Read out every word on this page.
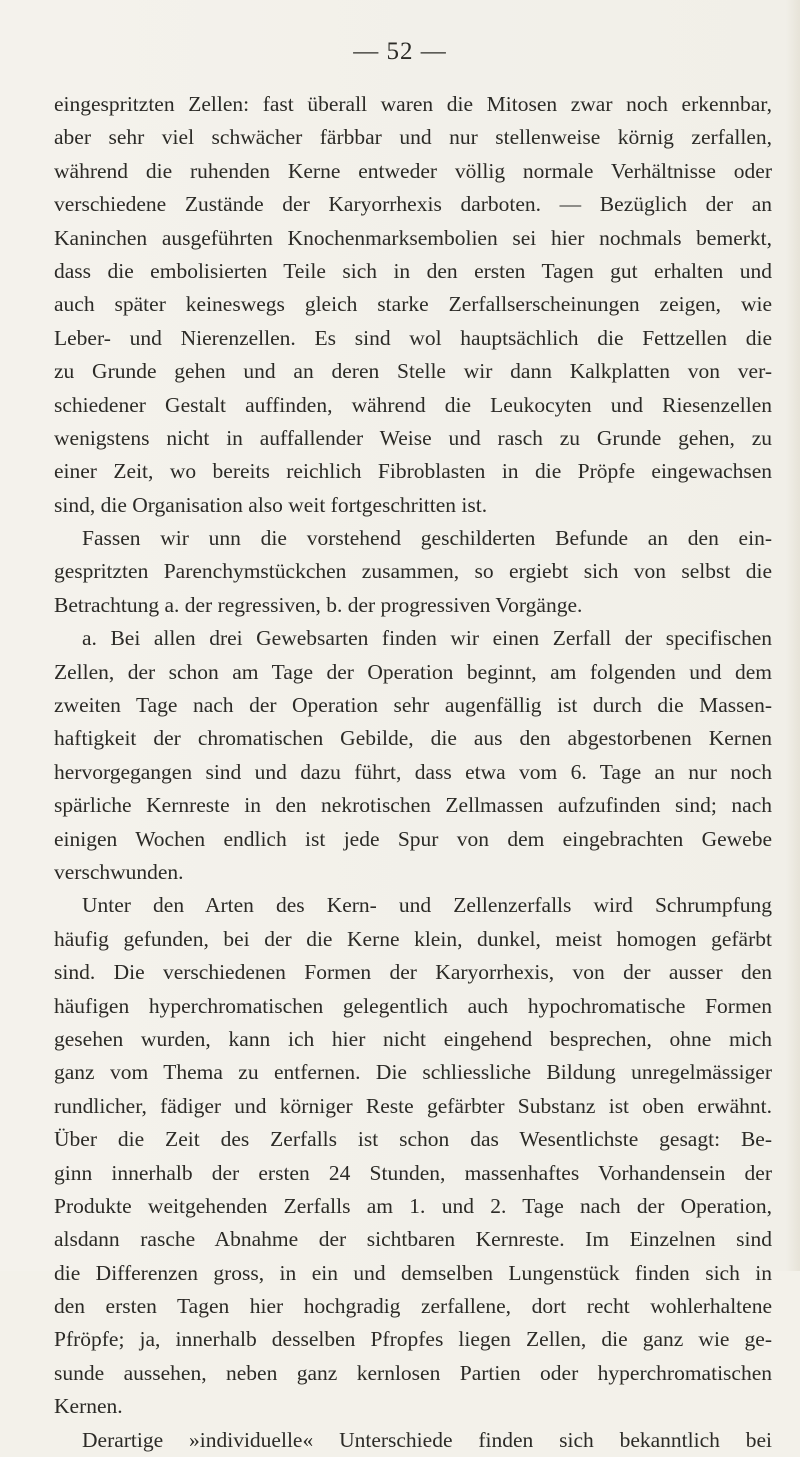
— 52 —
eingespritzten Zellen: fast überall waren die Mitosen zwar noch erkennbar,
aber sehr viel schwächer färbbar und nur stellenweise körnig zerfallen,
während die ruhenden Kerne entweder völlig normale Verhältnisse oder
verschiedene Zustände der Karyorrhexis darboten. — Bezüglich der an
Kaninchen ausgeführten Knochenmarksembolien sei hier nochmals bemerkt,
dass die embolisierten Teile sich in den ersten Tagen gut erhalten und
auch später keineswegs gleich starke Zerfallserscheinungen zeigen, wie
Leber- und Nierenzellen. Es sind wol hauptsächlich die Fettzellen die
zu Grunde gehen und an deren Stelle wir dann Kalkplatten von ver-
schiedener Gestalt auffinden, während die Leukocyten und Riesenzellen
wenigstens nicht in auffallender Weise und rasch zu Grunde gehen, zu
einer Zeit, wo bereits reichlich Fibroblasten in die Pröpfe eingewachsen
sind, die Organisation also weit fortgeschritten ist.
Fassen wir unn die vorstehend geschilderten Befunde an den ein-
gespritzten Parenchymstückchen zusammen, so ergiebt sich von selbst die
Betrachtung a. der regressiven, b. der progressiven Vorgänge.
a. Bei allen drei Gewebsarten finden wir einen Zerfall der specifischen
Zellen, der schon am Tage der Operation beginnt, am folgenden und dem
zweiten Tage nach der Operation sehr augenfällig ist durch die Massen-
haftigkeit der chromatischen Gebilde, die aus den abgestorbenen Kernen
hervorgegangen sind und dazu führt, dass etwa vom 6. Tage an nur noch
spärliche Kernreste in den nekrotischen Zellmassen aufzufinden sind; nach
einigen Wochen endlich ist jede Spur von dem eingebrachten Gewebe
verschwunden.
Unter den Arten des Kern- und Zellenzerfalls wird Schrumpfung
häufig gefunden, bei der die Kerne klein, dunkel, meist homogen gefärbt
sind. Die verschiedenen Formen der Karyorrhexis, von der ausser den
häufigen hyperchromatischen gelegentlich auch hypochromatische Formen
gesehen wurden, kann ich hier nicht eingehend besprechen, ohne mich
ganz vom Thema zu entfernen. Die schliessliche Bildung unregelmässiger
rundlicher, fädiger und körniger Reste gefärbter Substanz ist oben erwähnt.
Über die Zeit des Zerfalls ist schon das Wesentlichste gesagt: Be-
ginn innerhalb der ersten 24 Stunden, massenhaftes Vorhandensein der
Produkte weitgehenden Zerfalls am 1. und 2. Tage nach der Operation,
alsdann rasche Abnahme der sichtbaren Kernreste. Im Einzelnen sind
die Differenzen gross, in ein und demselben Lungenstück finden sich in
den ersten Tagen hier hochgradig zerfallene, dort recht wohlerhaltene
Pfröpfe; ja, innerhalb desselben Pfropfes liegen Zellen, die ganz wie ge-
sunde aussehen, neben ganz kernlosen Partien oder hyperchromatischen
Kernen.
Derartige »individuelle« Unterschiede finden sich bekanntlich bei
